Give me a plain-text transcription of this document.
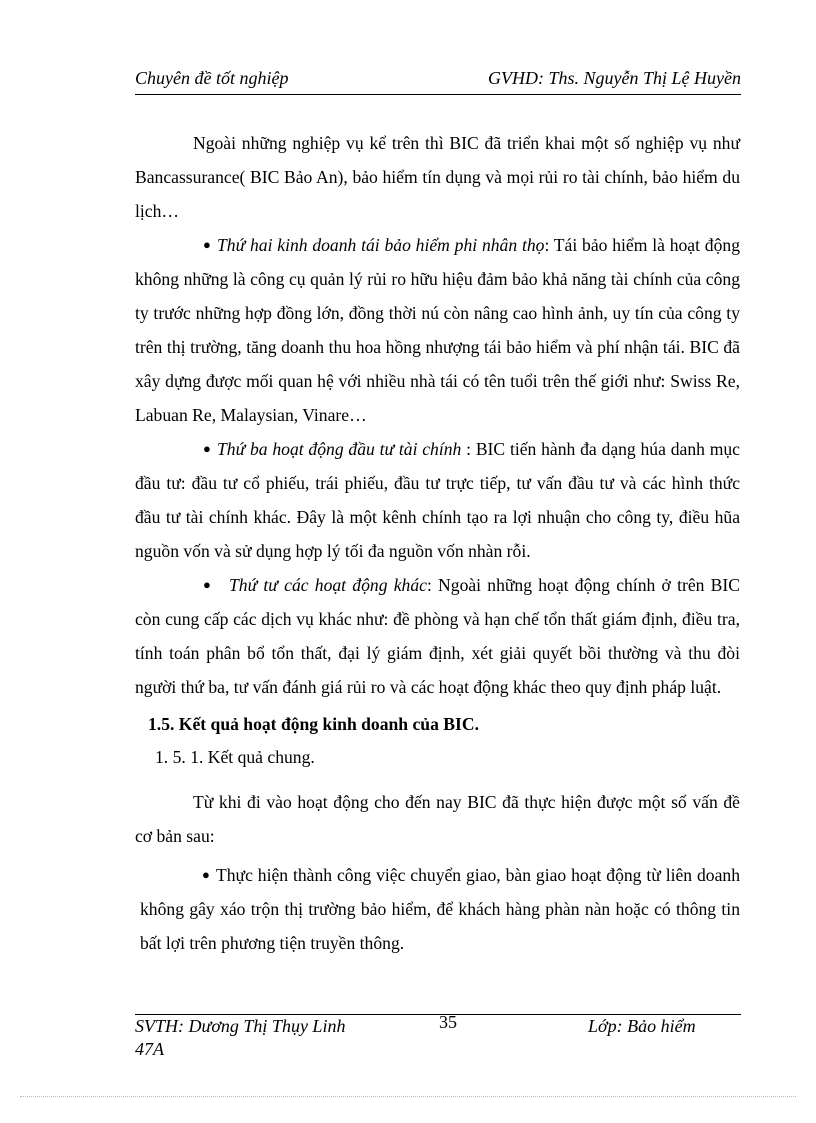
Chuyên đề tốt nghiệp	GVHD: Ths. Nguyễn Thị Lệ Huyền

Ngoài những nghiệp vụ kể trên thì BIC đã triển khai một số nghiệp vụ như Bancassurance( BIC Bảo An), bảo hiểm tín dụng và mọi rủi ro tài chính, bảo hiểm du lịch…

● Thứ hai kinh doanh tái bảo hiểm phi nhân thọ: Tái bảo hiểm là hoạt động không những là công cụ quản lý rủi ro hữu hiệu đảm bảo khả năng tài chính của công ty trước những hợp đồng lớn, đồng thời nú còn nâng cao hình ảnh, uy tín của công ty trên thị trường, tăng doanh thu hoa hồng nhượng tái bảo hiểm và phí nhận tái. BIC đã xây dựng được mối quan hệ với nhiều nhà tái có tên tuổi trên thế giới như: Swiss Re, Labuan Re, Malaysian, Vinare…

● Thứ ba hoạt động đầu tư tài chính : BIC tiến hành đa dạng húa danh mục đầu tư: đầu tư cổ phiếu, trái phiếu, đầu tư trực tiếp, tư vấn đầu tư và các hình thức đầu tư tài chính khác. Đây là một kênh chính tạo ra lợi nhuận cho công ty, điều hũa nguồn vốn và sử dụng hợp lý tối đa nguồn vốn nhàn rỗi.

● Thứ tư các hoạt động khác: Ngoài những hoạt động chính ở trên BIC còn cung cấp các dịch vụ khác như: đề phòng và hạn chế tổn thất giám định, điều tra, tính toán phân bổ tổn thất, đại lý giám định, xét giải quyết bồi thường và thu đòi người thứ ba, tư vấn đánh giá rủi ro và các hoạt động khác theo quy định pháp luật.

1.5. Kết quả hoạt động kinh doanh của BIC.
1. 5. 1. Kết quả chung.

Từ khi đi vào hoạt động cho đến nay BIC đã thực hiện được một số vấn đề cơ bản sau:

● Thực hiện thành công việc chuyển giao, bàn giao hoạt động từ liên doanh không gây xáo trộn thị trường bảo hiểm, để khách hàng phàn nàn hoặc có thông tin bất lợi trên phương tiện truyền thông.

SVTH: Dương Thị Thụy Linh
47A
35	Lớp: Bảo hiểm
